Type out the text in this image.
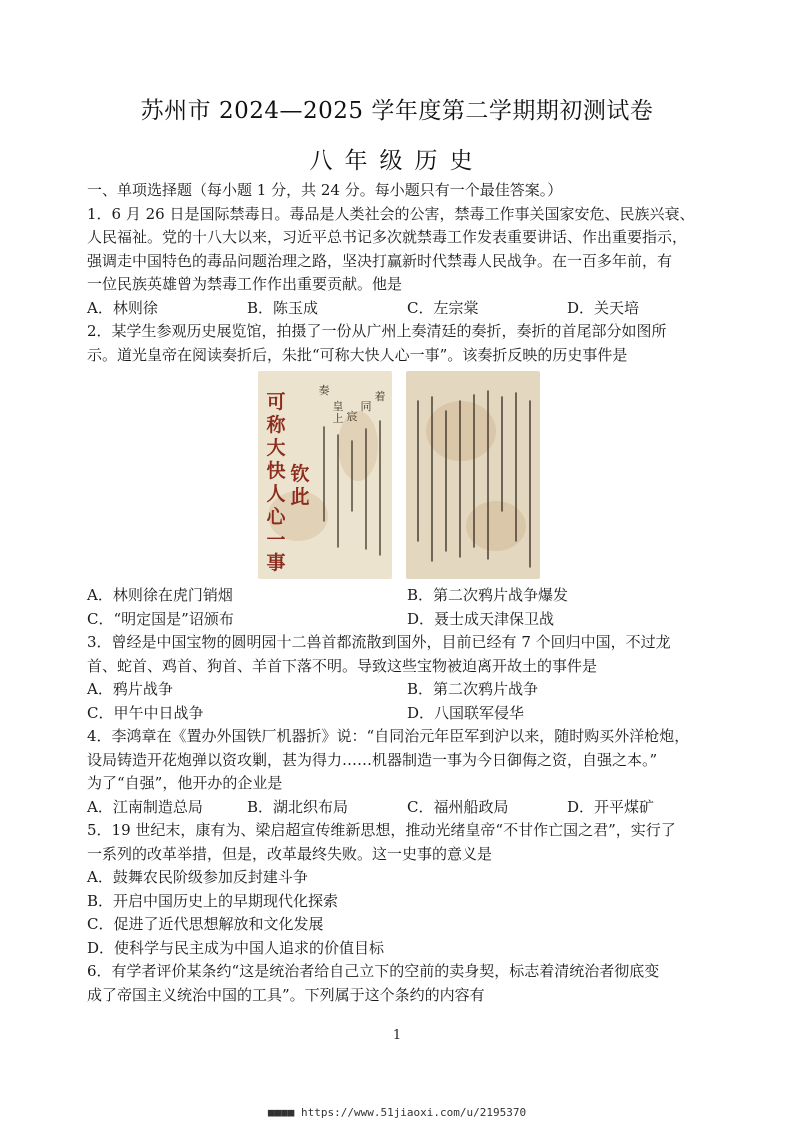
苏州市 2024—2025 学年度第二学期期初测试卷
八年级历史
一、单项选择题（每小题 1 分，共 24 分。每小题只有一个最佳答案。）
1．6 月 26 日是国际禁毒日。毒品是人类社会的公害，禁毒工作事关国家安危、民族兴衰、
人民福祉。党的十八大以来，习近平总书记多次就禁毒工作发表重要讲话、作出重要指示，
强调走中国特色的毒品问题治理之路，坚决打赢新时代禁毒人民战争。在一百多年前，有
一位民族英雄曾为禁毒工作作出重要贡献。他是
A．林则徐	B．陈玉成	C．左宗棠	D．关天培
2．某学生参观历史展览馆，拍摄了一份从广州上奏清廷的奏折，奏折的首尾部分如图所
示。道光皇帝在阅读奏折后，朱批“可称大快人心一事”。该奏折反映的历史事件是
可称大快人心一事
钦此
奏
皇上 宸
同
着
A．林则徐在虎门销烟	B．第二次鸦片战争爆发
C．“明定国是”诏颁布	D．聂士成天津保卫战
3．曾经是中国宝物的圆明园十二兽首都流散到国外，目前已经有 7 个回归中国，不过龙
首、蛇首、鸡首、狗首、羊首下落不明。导致这些宝物被迫离开故土的事件是
A．鸦片战争	B．第二次鸦片战争
C．甲午中日战争	D．八国联军侵华
4．李鸿章在《置办外国铁厂机器折》说：“自同治元年臣军到沪以来，随时购买外洋枪炮，
设局铸造开花炮弹以资攻剿，甚为得力……机器制造一事为今日御侮之资，自强之本。”
为了“自强”，他开办的企业是
A．江南制造总局	B．湖北织布局	C．福州船政局	D．开平煤矿
5．19 世纪末，康有为、梁启超宣传维新思想，推动光绪皇帝“不甘作亡国之君”，实行了
一系列的改革举措，但是，改革最终失败。这一史事的意义是
A．鼓舞农民阶级参加反封建斗争
B．开启中国历史上的早期现代化探索
C．促进了近代思想解放和文化发展
D．使科学与民主成为中国人追求的价值目标
6．有学者评价某条约“这是统治者给自己立下的空前的卖身契，标志着清统治者彻底变
成了帝国主义统治中国的工具”。下列属于这个条约的内容有
1
■■■■ https://www.51jiaoxi.com/u/2195370
